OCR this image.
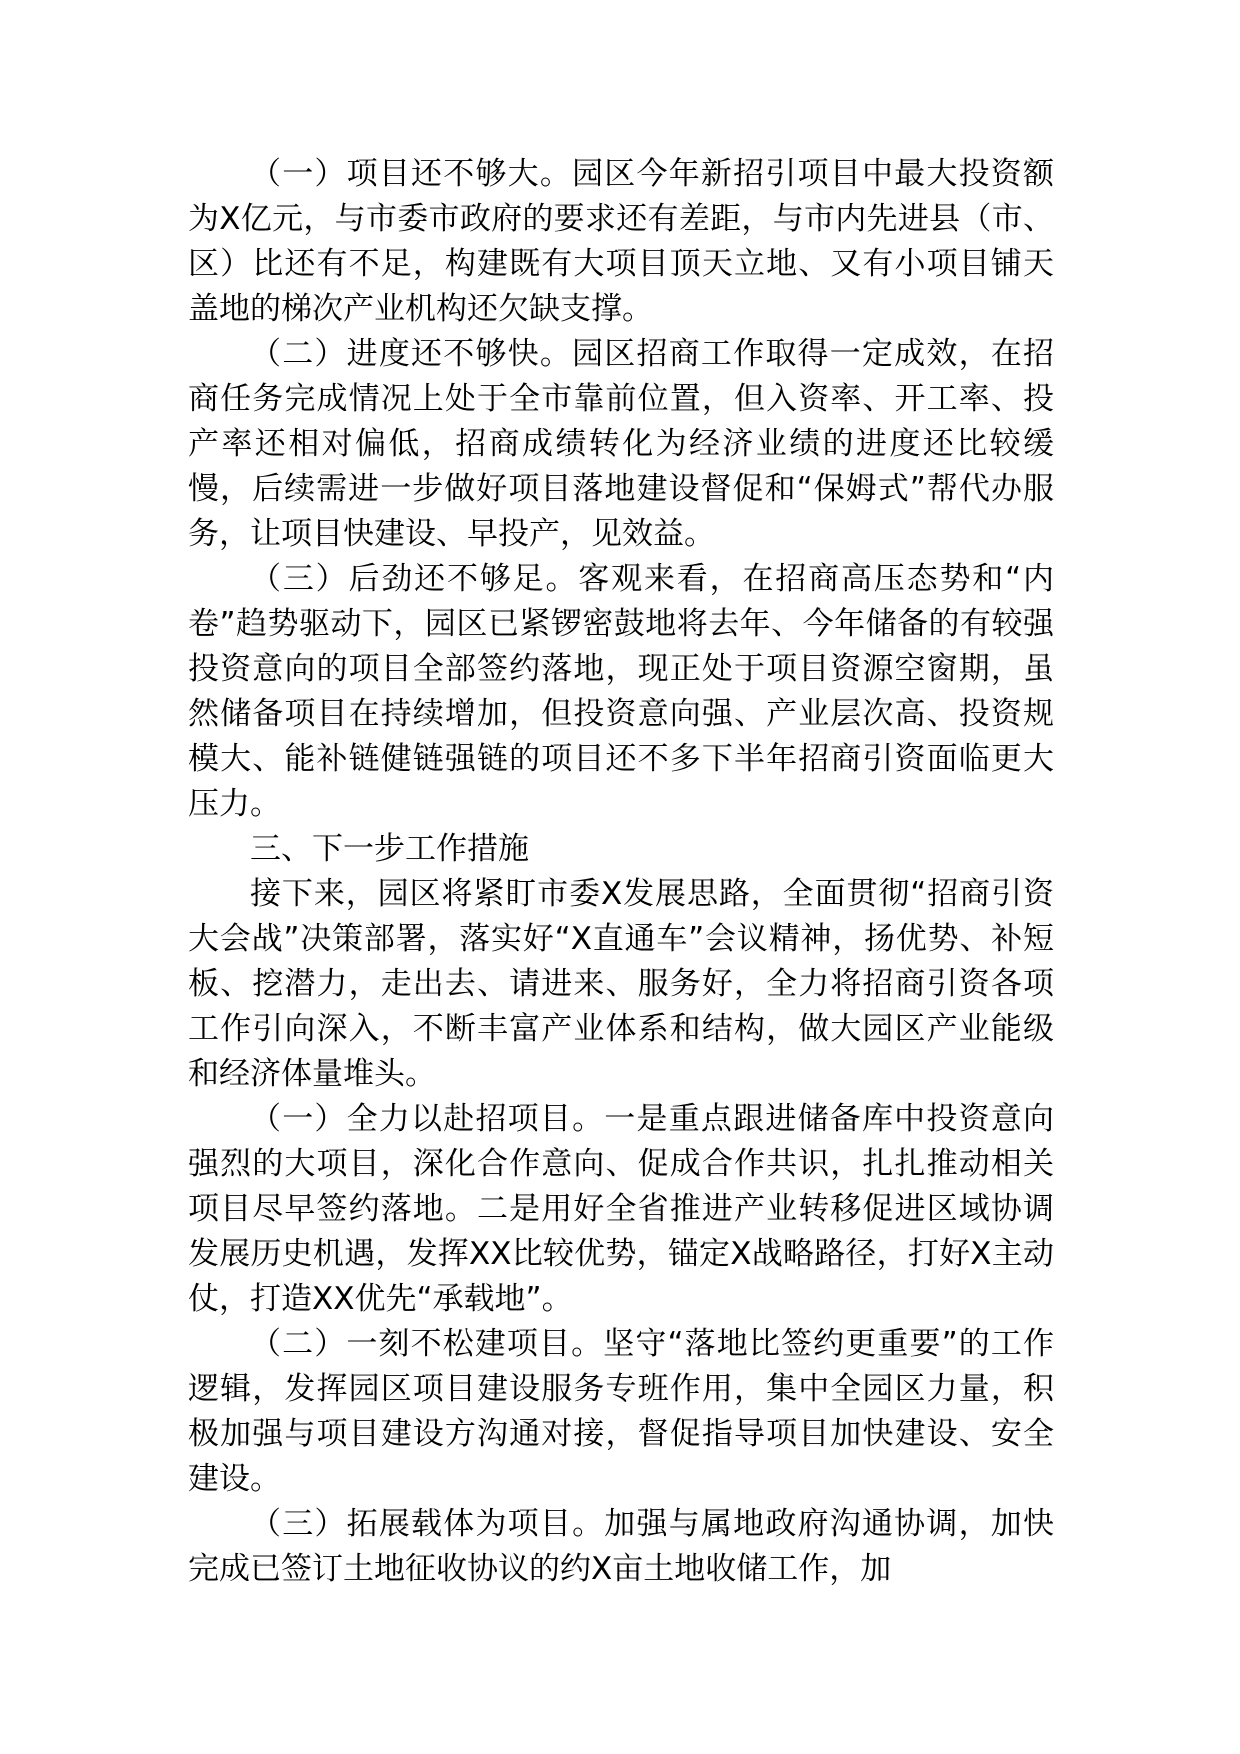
（一）项目还不够大。园区今年新招引项目中最大投资额为X亿元，与市委市政府的要求还有差距，与市内先进县（市、区）比还有不足，构建既有大项目顶天立地、又有小项目铺天盖地的梯次产业机构还欠缺支撑。

（二）进度还不够快。园区招商工作取得一定成效，在招商任务完成情况上处于全市靠前位置，但入资率、开工率、投产率还相对偏低，招商成绩转化为经济业绩的进度还比较缓慢，后续需进一步做好项目落地建设督促和“保姆式”帮代办服务，让项目快建设、早投产，见效益。

（三）后劲还不够足。客观来看，在招商高压态势和“内卷”趋势驱动下，园区已紧锣密鼓地将去年、今年储备的有较强投资意向的项目全部签约落地，现正处于项目资源空窗期，虽然储备项目在持续增加，但投资意向强、产业层次高、投资规模大、能补链健链强链的项目还不多下半年招商引资面临更大压力。

三、下一步工作措施

接下来，园区将紧盯市委X发展思路，全面贯彻“招商引资大会战”决策部署，落实好“X直通车”会议精神，扬优势、补短板、挖潜力，走出去、请进来、服务好，全力将招商引资各项工作引向深入，不断丰富产业体系和结构，做大园区产业能级和经济体量堆头。

（一）全力以赴招项目。一是重点跟进储备库中投资意向强烈的大项目，深化合作意向、促成合作共识，扎扎推动相关项目尽早签约落地。二是用好全省推进产业转移促进区域协调发展历史机遇，发挥XX比较优势，锚定X战略路径，打好X主动仗，打造XX优先“承载地”。

（二）一刻不松建项目。坚守“落地比签约更重要”的工作逻辑，发挥园区项目建设服务专班作用，集中全园区力量，积极加强与项目建设方沟通对接，督促指导项目加快建设、安全建设。

（三）拓展载体为项目。加强与属地政府沟通协调，加快完成已签订土地征收协议的约X亩土地收储工作，加
